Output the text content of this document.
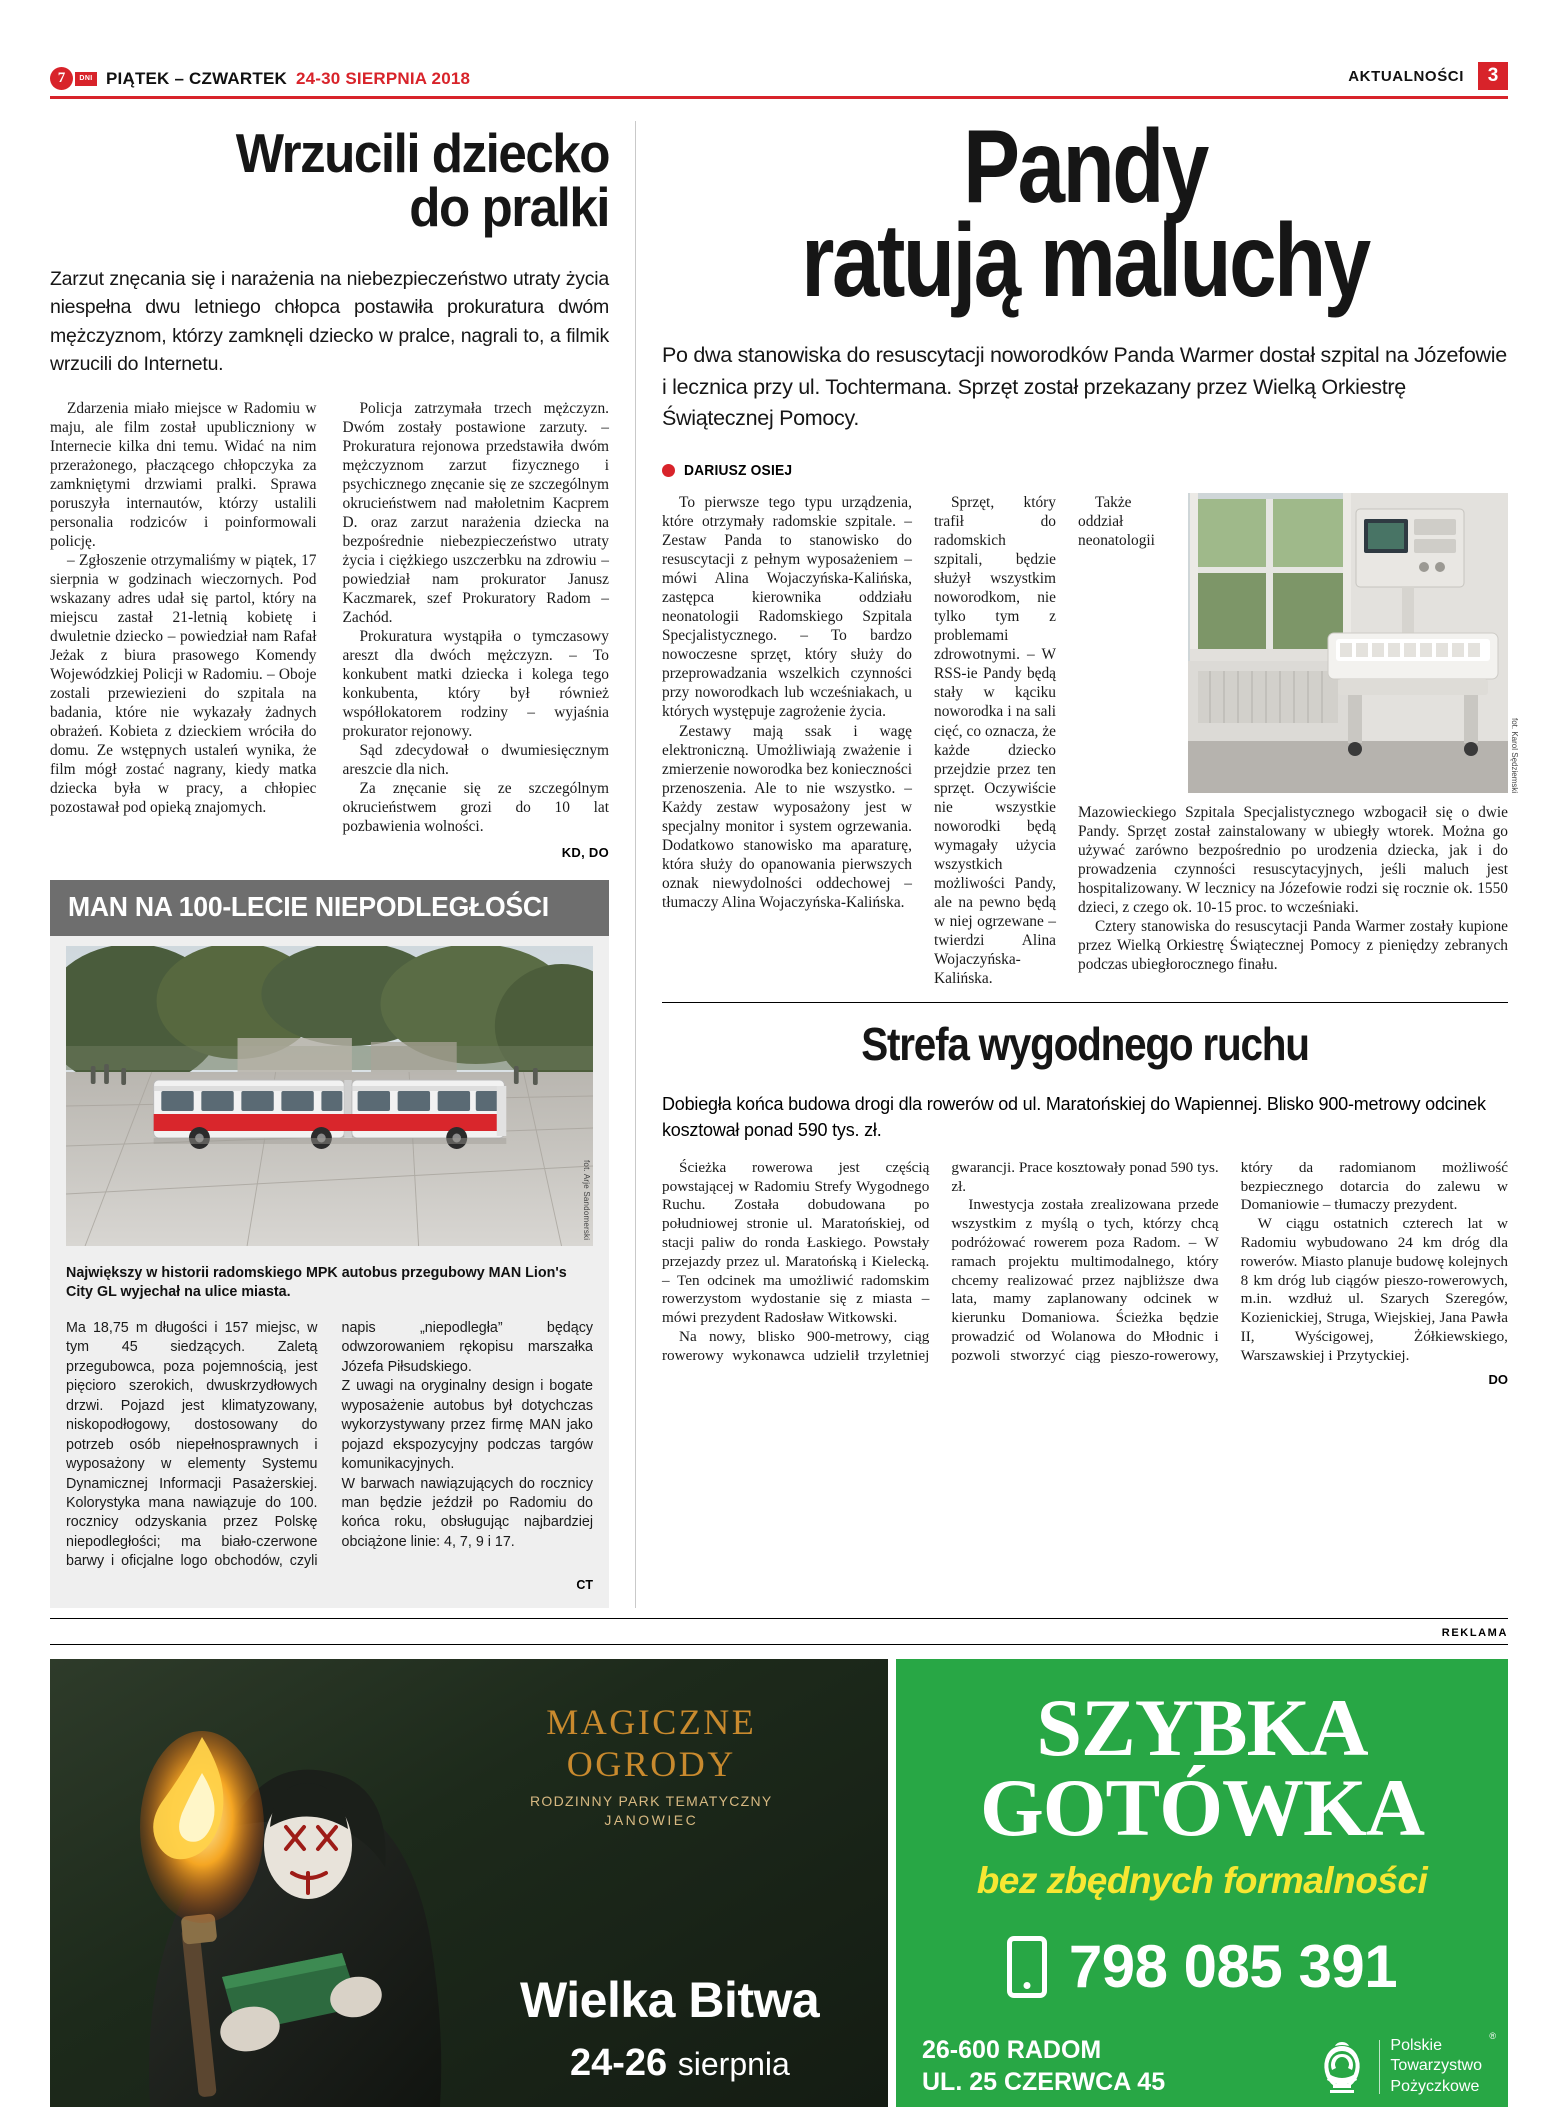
7 DNI PIĄTEK – CZWARTEK 24-30 SIERPNIA 2018	AKTUALNOŚCI	3
Wrzucili dziecko
do pralki
Zarzut znęcania się i narażenia na niebezpieczeństwo utraty życia niespełna dwu letniego chłopca postawiła prokuratura dwóm mężczyznom, którzy zamknęli dziecko w pralce, nagrali to, a filmik wrzucili do Internetu.

Zdarzenia miało miejsce w Radomiu w maju, ale film został upubliczniony w Internecie kilka dni temu. Widać na nim przerażonego, płaczącego chłopczyka za zamkniętymi drzwiami pralki. Sprawa poruszyła internautów, którzy ustalili personalia rodziców i poinformowali policję.

– Zgłoszenie otrzymaliśmy w piątek, 17 sierpnia w godzinach wieczornych. Pod wskazany adres udał się partol, który na miejscu zastał 21-letnią kobietę i dwuletnie dziecko – powiedział nam Rafał Jeżak z biura prasowego Komendy Wojewódzkiej Policji w Radomiu. – Oboje zostali przewiezieni do szpitala na badania, które nie wykazały żadnych obrażeń. Kobieta z dzieckiem wróciła do domu. Ze wstępnych ustaleń wynika, że film mógł zostać nagrany, kiedy matka dziecka była w pracy, a chłopiec pozostawał pod opieką znajomych.

Policja zatrzymała trzech mężczyzn. Dwóm zostały postawione zarzuty. – Prokuratura rejonowa przedstawiła dwóm mężczyznom zarzut fizycznego i psychicznego znęcanie się ze szczególnym okrucieństwem nad małoletnim Kacprem D. oraz zarzut narażenia dziecka na bezpośrednie niebezpieczeństwo utraty życia i ciężkiego uszczerbku na zdrowiu – powiedział nam prokurator Janusz Kaczmarek, szef Prokuratory Radom – Zachód.

Prokuratura wystąpiła o tymczasowy areszt dla dwóch mężczyzn. – To konkubent matki dziecka i kolega tego konkubenta, który był również współlokatorem rodziny – wyjaśnia prokurator rejonowy.

Sąd zdecydował o dwumiesięcznym areszcie dla nich.

Za znęcanie się ze szczególnym okrucieństwem grozi do 10 lat pozbawienia wolności.

KD, DO
MAN NA 100-LECIE NIEPODLEGŁOŚCI
fot. Arje Sandomerski
Największy w historii radomskiego MPK autobus przegubowy MAN Lion's City GL wyjechał na ulice miasta.

Ma 18,75 m długości i 157 miejsc, w tym 45 siedzących. Zaletą przegubowca, poza pojemnością, jest pięcioro szerokich, dwuskrzydłowych drzwi. Pojazd jest klimatyzowany, niskopodłogowy, dostosowany do potrzeb osób niepełnosprawnych i wyposażony w elementy Systemu Dynamicznej Informacji Pasażerskiej. Kolorystyka mana nawiązuje do 100. rocznicy odzyskania przez Polskę niepodległości; ma biało-czerwone barwy i oficjalne logo obchodów, czyli napis „niepodległa” będący odwzorowaniem rękopisu marszałka Józefa Piłsudskiego.

Z uwagi na oryginalny design i bogate wyposażenie autobus był dotychczas wykorzystywany przez firmę MAN jako pojazd ekspozycyjny podczas targów komunikacyjnych.

W barwach nawiązujących do rocznicy man będzie jeździł po Radomiu do końca roku, obsługując najbardziej obciążone linie: 4, 7, 9 i 17.

CT
Pandy
ratują maluchy
Po dwa stanowiska do resuscytacji noworodków Panda Warmer dostał szpital na Józefowie i lecznica przy ul. Tochtermana. Sprzęt został przekazany przez Wielką Orkiestrę Świątecznej Pomocy.
DARIUSZ OSIEJ

To pierwsze tego typu urządzenia, które otrzymały radomskie szpitale. – Zestaw Panda to stanowisko do resuscytacji z pełnym wyposażeniem – mówi Alina Wojaczyńska-Kalińska, zastępca kierownika oddziału neonatologii Radomskiego Szpitala Specjalistycznego. – To bardzo nowoczesne sprzęt, który służy do przeprowadzania wszelkich czynności przy noworodkach lub wcześniakach, u których występuje zagrożenie życia.

Zestawy mają ssak i wagę elektroniczną. Umożliwiają zważenie i zmierzenie noworodka bez konieczności przenoszenia. Ale to nie wszystko. – Każdy zestaw wyposażony jest w specjalny monitor i system ogrzewania. Dodatkowo stanowisko ma aparaturę, która służy do opanowania pierwszych oznak niewydolności oddechowej – tłumaczy Alina Wojaczyńska-Kalińska.

Sprzęt, który trafił do radomskich szpitali, będzie służył wszystkim noworodkom, nie tylko tym z problemami zdrowotnymi. – W RSS-ie Pandy będą stały w kąciku noworodka i na sali cięć, co oznacza, że każde dziecko przejdzie przez ten sprzęt. Oczywiście nie wszystkie noworodki będą wymagały użycia wszystkich możliwości Pandy, ale na pewno będą w niej ogrzewane – twierdzi Alina Wojaczyńska-Kalińska.

fot. Karol Sędziemski

Także oddział neonatologii Mazowieckiego Szpitala Specjalistycznego wzbogacił się o dwie Pandy. Sprzęt został zainstalowany w ubiegły wtorek. Można go używać zarówno bezpośrednio po urodzenia dziecka, jak i do prowadzenia czynności resuscytacyjnych, jeśli maluch jest hospitalizowany. W lecznicy na Józefowie rodzi się rocznie ok. 1550 dzieci, z czego ok. 10-15 proc. to wcześniaki.

Cztery stanowiska do resuscytacji Panda Warmer zostały kupione przez Wielką Orkiestrę Świątecznej Pomocy z pieniędzy zebranych podczas ubiegłorocznego finału.

Strefa wygodnego ruchu
Dobiegła końca budowa drogi dla rowerów od ul. Maratońskiej do Wapiennej. Blisko 900-metrowy odcinek kosztował ponad 590 tys. zł.

Ścieżka rowerowa jest częścią powstającej w Radomiu Strefy Wygodnego Ruchu. Została dobudowana po południowej stronie ul. Maratońskiej, od stacji paliw do ronda Łaskiego. Powstały przejazdy przez ul. Maratońską i Kielecką. – Ten odcinek ma umożliwić radomskim rowerzystom wydostanie się z miasta – mówi prezydent Radosław Witkowski.

Na nowy, blisko 900-metrowy, ciąg rowerowy wykonawca udzielił trzyletniej gwarancji. Prace kosztowały ponad 590 tys. zł.

Inwestycja została zrealizowana przede wszystkim z myślą o tych, którzy chcą podróżować rowerem poza Radom. – W ramach projektu multimodalnego, który chcemy realizować przez najbliższe dwa lata, mamy zaplanowany odcinek w kierunku Domaniowa. Ścieżka będzie prowadzić od Wolanowa do Młodnic i pozwoli stworzyć ciąg pieszo-rowerowy, który da radomianom możliwość bezpiecznego dotarcia do zalewu w Domaniowie – tłumaczy prezydent.

W ciągu ostatnich czterech lat w Radomiu wybudowano 24 km dróg dla rowerów. Miasto planuje budowę kolejnych 8 km dróg lub ciągów pieszo-rowerowych, m.in. wzdłuż ul. Szarych Szeregów, Kozienickiej, Struga, Wiejskiej, Jana Pawła II, Wyścigowej, Żółkiewskiego, Warszawskiej i Przytyckiej.

DO
REKLAMA
MAGICZNE
OGRODY
RODZINNY PARK TEMATYCZNY
JANOWIEC
Wielka Bitwa
24-26 sierpnia
SZYBKA
GOTÓWKA
bez zbędnych formalności
798 085 391
26-600 RADOM
UL. 25 CZERWCA 45
Polskie
Towarzystwo
Pożyczkowe
®
